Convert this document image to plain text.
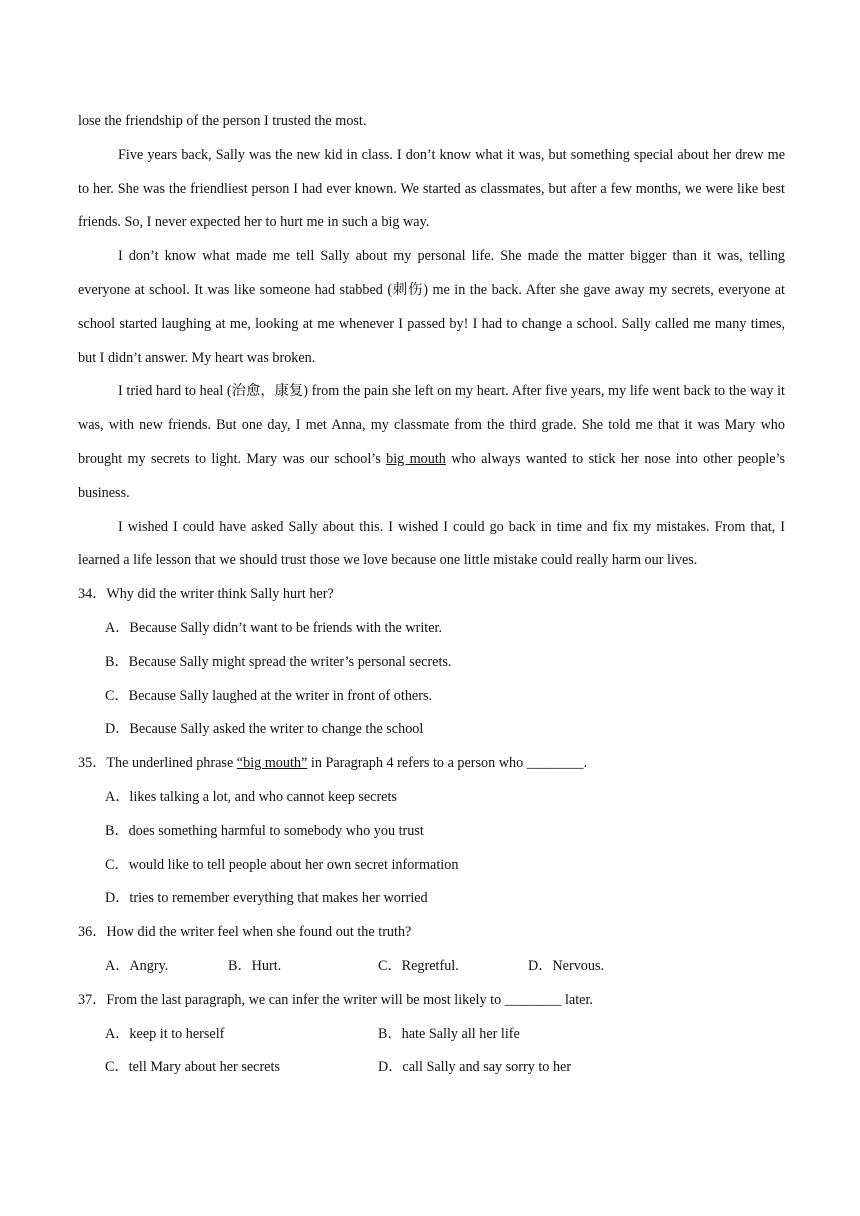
lose the friendship of the person I trusted the most.

Five years back, Sally was the new kid in class. I don’t know what it was, but something special about her drew me to her. She was the friendliest person I had ever known. We started as classmates, but after a few months, we were like best friends. So, I never expected her to hurt me in such a big way.

I don’t know what made me tell Sally about my personal life. She made the matter bigger than it was, telling everyone at school. It was like someone had stabbed (刺伤) me in the back. After she gave away my secrets, everyone at school started laughing at me, looking at me whenever I passed by! I had to change a school. Sally called me many times, but I didn’t answer. My heart was broken.

I tried hard to heal (治愈，康复) from the pain she left on my heart. After five years, my life went back to the way it was, with new friends. But one day, I met Anna, my classmate from the third grade. She told me that it was Mary who brought my secrets to light. Mary was our school’s big mouth who always wanted to stick her nose into other people’s business.

I wished I could have asked Sally about this. I wished I could go back in time and fix my mistakes. From that, I learned a life lesson that we should trust those we love because one little mistake could really harm our lives.

34． Why did the writer think Sally hurt her?

A．Because Sally didn’t want to be friends with the writer.

B．Because Sally might spread the writer’s personal secrets.

C．Because Sally laughed at the writer in front of others.

D．Because Sally asked the writer to change the school

35． The underlined phrase “big mouth” in Paragraph 4 refers to a person who ________.

A．likes talking a lot, and who cannot keep secrets

B．does something harmful to somebody who you trust

C．would like to tell people about her own secret information

D．tries to remember everything that makes her worried

36． How did the writer feel when she found out the truth?
A．Angry.	B．Hurt.	C．Regretful.	D．Nervous.
37． From the last paragraph, we can infer the writer will be most likely to ________ later.
A．keep it to herself	B．hate Sally all her life
C．tell Mary about her secrets	D．call Sally and say sorry to her
